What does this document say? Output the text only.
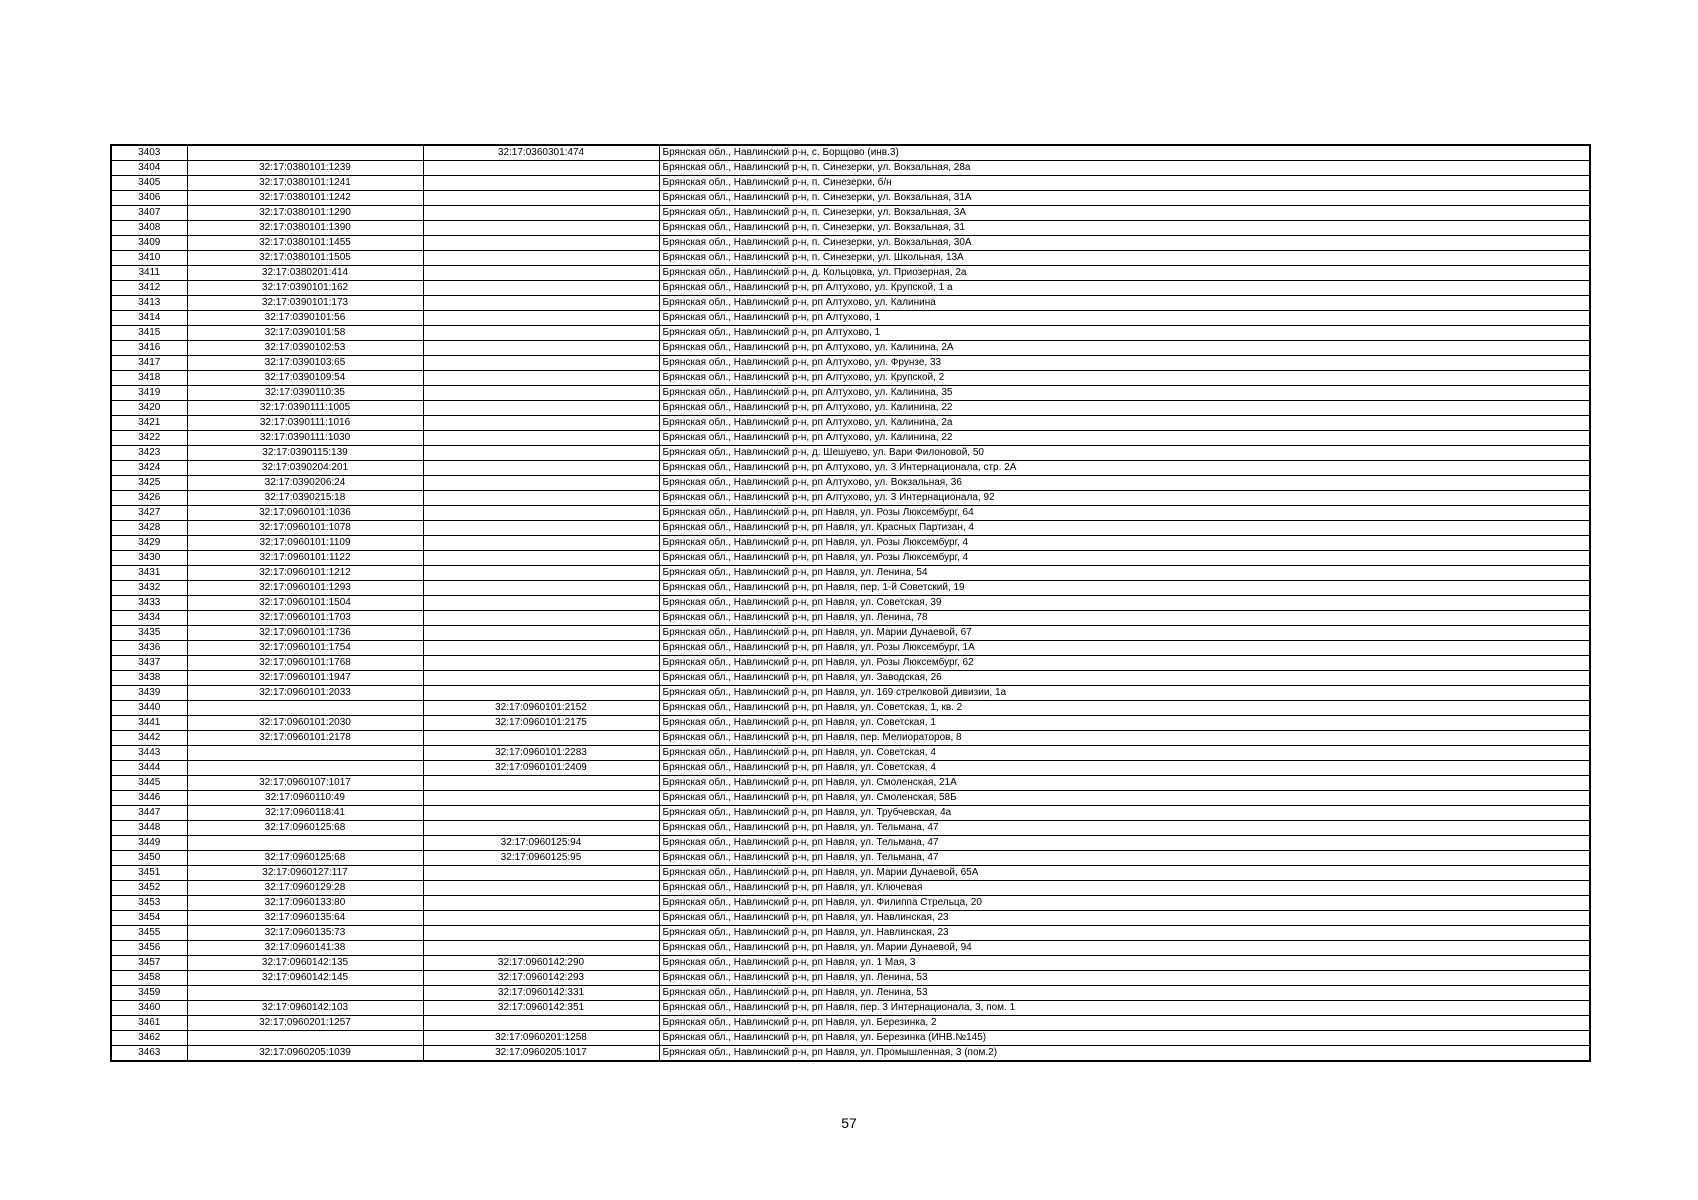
3403		32:17:0360301:474	Брянская обл., Навлинский р-н, с. Борщово (инв.3)
3404	32:17:0380101:1239		Брянская обл., Навлинский р-н, п. Синезерки, ул. Вокзальная, 28а
3405	32:17:0380101:1241		Брянская обл., Навлинский р-н, п. Синезерки, б/н
3406	32:17:0380101:1242		Брянская обл., Навлинский р-н, п. Синезерки, ул. Вокзальная, 31А
3407	32:17:0380101:1290		Брянская обл., Навлинский р-н, п. Синезерки, ул. Вокзальная, 3А
3408	32:17:0380101:1390		Брянская обл., Навлинский р-н, п. Синезерки, ул. Вокзальная, 31
3409	32:17:0380101:1455		Брянская обл., Навлинский р-н, п. Синезерки, ул. Вокзальная, 30А
3410	32:17:0380101:1505		Брянская обл., Навлинский р-н, п. Синезерки, ул. Школьная, 13А
3411	32:17:0380201:414		Брянская обл., Навлинский р-н, д. Кольцовка, ул. Приозерная, 2а
3412	32:17:0390101:162		Брянская обл., Навлинский р-н, рп Алтухово, ул. Крупской, 1 а
3413	32:17:0390101:173		Брянская обл., Навлинский р-н, рп Алтухово, ул. Калинина
3414	32:17:0390101:56		Брянская обл., Навлинский р-н, рп Алтухово, 1
3415	32:17:0390101:58		Брянская обл., Навлинский р-н, рп Алтухово, 1
3416	32:17:0390102:53		Брянская обл., Навлинский р-н, рп Алтухово, ул. Калинина, 2А
3417	32:17:0390103:65		Брянская обл., Навлинский р-н, рп Алтухово, ул. Фрунзе, 33
3418	32:17:0390109:54		Брянская обл., Навлинский р-н, рп Алтухово, ул. Крупской, 2
3419	32:17:0390110:35		Брянская обл., Навлинский р-н, рп Алтухово, ул. Калинина, 35
3420	32:17:0390111:1005		Брянская обл., Навлинский р-н, рп Алтухово, ул. Калинина, 22
3421	32:17:0390111:1016		Брянская обл., Навлинский р-н, рп Алтухово, ул. Калинина, 2а
3422	32:17:0390111:1030		Брянская обл., Навлинский р-н, рп Алтухово, ул. Калинина, 22
3423	32:17:0390115:139		Брянская обл., Навлинский р-н, д. Шешуево, ул. Вари Филоновой, 50
3424	32:17:0390204:201		Брянская обл., Навлинский р-н, рп Алтухово, ул. 3 Интернационала, стр. 2А
3425	32:17:0390206:24		Брянская обл., Навлинский р-н, рп Алтухово, ул. Вокзальная, 36
3426	32:17:0390215:18		Брянская обл., Навлинский р-н, рп Алтухово, ул. 3 Интернационала, 92
3427	32:17:0960101:1036		Брянская обл., Навлинский р-н, рп Навля, ул. Розы Люксембург, 64
3428	32:17:0960101:1078		Брянская обл., Навлинский р-н, рп Навля, ул. Красных Партизан, 4
3429	32:17:0960101:1109		Брянская обл., Навлинский р-н, рп Навля, ул. Розы Люксембург, 4
3430	32:17:0960101:1122		Брянская обл., Навлинский р-н, рп Навля, ул. Розы Люксембург, 4
3431	32:17:0960101:1212		Брянская обл., Навлинский р-н, рп Навля, ул. Ленина, 54
3432	32:17:0960101:1293		Брянская обл., Навлинский р-н, рп Навля, пер. 1-й Советский, 19
3433	32:17:0960101:1504		Брянская обл., Навлинский р-н, рп Навля, ул. Советская, 39
3434	32:17:0960101:1703		Брянская обл., Навлинский р-н, рп Навля, ул. Ленина, 78
3435	32:17:0960101:1736		Брянская обл., Навлинский р-н, рп Навля, ул. Марии Дунаевой, 67
3436	32:17:0960101:1754		Брянская обл., Навлинский р-н, рп Навля, ул. Розы Люксембург, 1А
3437	32:17:0960101:1768		Брянская обл., Навлинский р-н, рп Навля, ул. Розы Люксембург, 62
3438	32:17:0960101:1947		Брянская обл., Навлинский р-н, рп Навля, ул. Заводская, 26
3439	32:17:0960101:2033		Брянская обл., Навлинский р-н, рп Навля, ул. 169 стрелковой дивизии, 1а
3440		32:17:0960101:2152	Брянская обл., Навлинский р-н, рп Навля, ул. Советская, 1, кв. 2
3441	32:17:0960101:2030	32:17:0960101:2175	Брянская обл., Навлинский р-н, рп Навля, ул. Советская, 1
3442	32:17:0960101:2178		Брянская обл., Навлинский р-н, рп Навля, пер. Мелиораторов, 8
3443		32:17:0960101:2283	Брянская обл., Навлинский р-н, рп Навля, ул. Советская, 4
3444		32:17:0960101:2409	Брянская обл., Навлинский р-н, рп Навля, ул. Советская, 4
3445	32:17:0960107:1017		Брянская обл., Навлинский р-н, рп Навля, ул. Смоленская, 21А
3446	32:17:0960110:49		Брянская обл., Навлинский р-н, рп Навля, ул. Смоленская, 58Б
3447	32:17:0960118:41		Брянская обл., Навлинский р-н, рп Навля, ул. Трубчевская, 4а
3448	32:17:0960125:68		Брянская обл., Навлинский р-н, рп Навля, ул. Тельмана, 47
3449		32:17:0960125:94	Брянская обл., Навлинский р-н, рп Навля, ул. Тельмана, 47
3450	32:17:0960125:68	32:17:0960125:95	Брянская обл., Навлинский р-н, рп Навля, ул. Тельмана, 47
3451	32:17:0960127:117		Брянская обл., Навлинский р-н, рп Навля, ул. Марии Дунаевой, 65А
3452	32:17:0960129:28		Брянская обл., Навлинский р-н, рп Навля, ул. Ключевая
3453	32:17:0960133:80		Брянская обл., Навлинский р-н, рп Навля, ул. Филиппа Стрельца, 20
3454	32:17:0960135:64		Брянская обл., Навлинский р-н, рп Навля, ул. Навлинская, 23
3455	32:17:0960135:73		Брянская обл., Навлинский р-н, рп Навля, ул. Навлинская, 23
3456	32:17:0960141:38		Брянская обл., Навлинский р-н, рп Навля, ул. Марии Дунаевой, 94
3457	32:17:0960142:135	32:17:0960142:290	Брянская обл., Навлинский р-н, рп Навля, ул. 1 Мая, 3
3458	32:17:0960142:145	32:17:0960142:293	Брянская обл., Навлинский р-н, рп Навля, ул. Ленина, 53
3459		32:17:0960142:331	Брянская обл., Навлинский р-н, рп Навля, ул. Ленина, 53
3460	32:17:0960142:103	32:17:0960142:351	Брянская обл., Навлинский р-н, рп Навля, пер. 3 Интернационала, 3, пом. 1
3461	32:17:0960201:1257		Брянская обл., Навлинский р-н, рп Навля, ул. Березинка, 2
3462		32:17:0960201:1258	Брянская обл., Навлинский р-н, рп Навля, ул. Березинка (ИНВ.№145)
3463	32:17:0960205:1039	32:17:0960205:1017	Брянская обл., Навлинский р-н, рп Навля, ул. Промышленная, 3 (пом.2)
57
